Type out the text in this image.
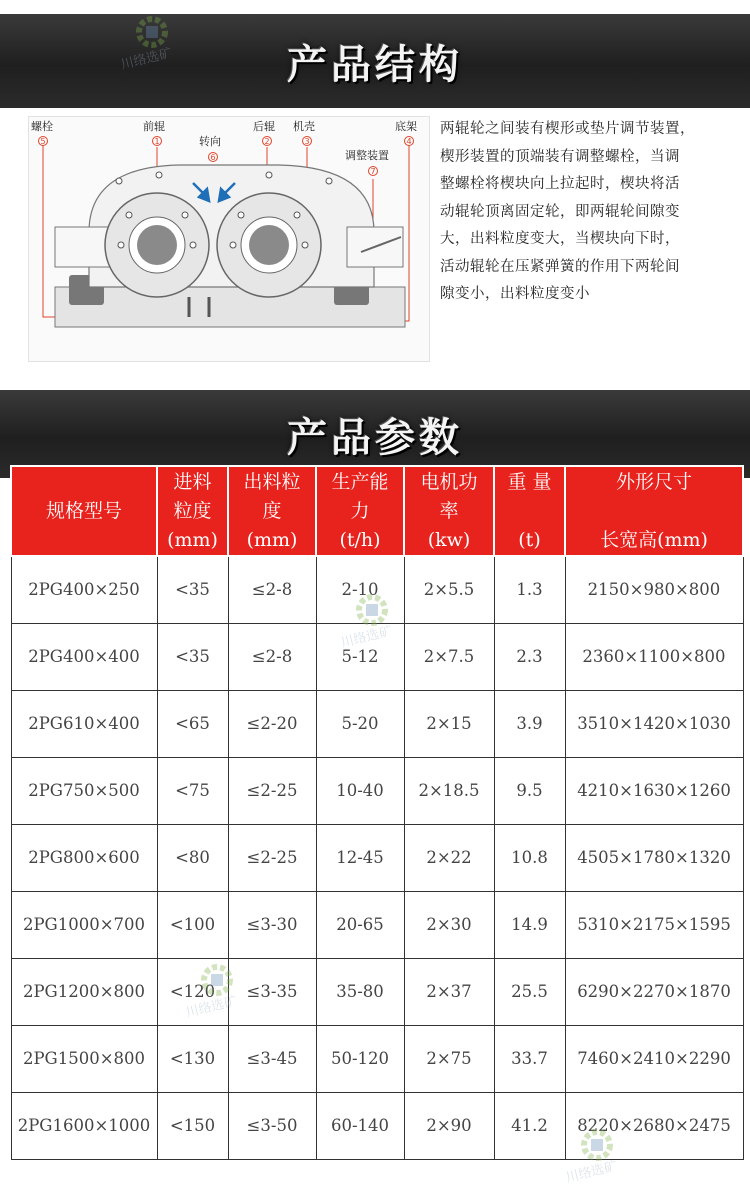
产品结构
螺栓
5
前辊
1	转向
6
后辊
2
机壳
3
底架
4
调整装置
7
两辊轮之间装有楔形或垫片调节装置，
楔形装置的顶端装有调整螺栓，当调
整螺栓将楔块向上拉起时，楔块将活
动辊轮顶离固定轮，即两辊轮间隙变
大，出料粒度变大，当楔块向下时，
活动辊轮在压紧弹簧的作用下两轮间
隙变小，出料粒度变小
产品参数
规格型号	进料
粒度
(mm)	出料粒
度
(mm)	生产能
力
(t/h)	电机功
率
(kw)	重 量

(t)	外形尺寸

长宽高(mm)

2PG400×250	<35	≤2-8	2-10	2×5.5	1.3	2150×980×800
2PG400×400	<35	≤2-8	5-12	2×7.5	2.3	2360×1100×800
2PG610×400	<65	≤2-20	5-20	2×15	3.9	3510×1420×1030
2PG750×500	<75	≤2-25	10-40	2×18.5	9.5	4210×1630×1260
2PG800×600	<80	≤2-25	12-45	2×22	10.8	4505×1780×1320
2PG1000×700	<100	≤3-30	20-65	2×30	14.9	5310×2175×1595
2PG1200×800	<120	≤3-35	35-80	2×37	25.5	6290×2270×1870
2PG1500×800	<130	≤3-45	50-120	2×75	33.7	7460×2410×2290
2PG1600×1000	<150	≤3-50	60-140	2×90	41.2	8220×2680×2475
川络选矿
川络选矿
川络选矿
川络选矿
